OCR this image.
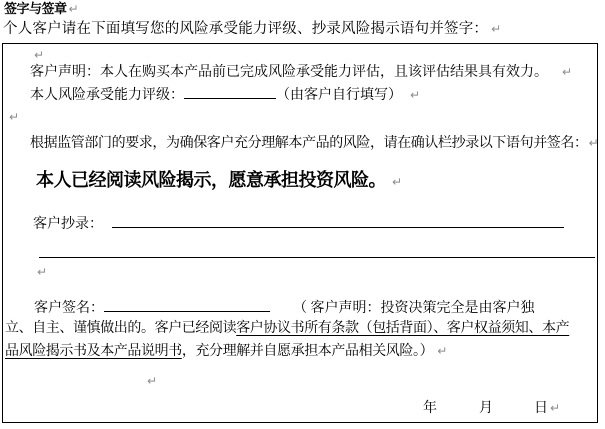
签字与签章 ↵
个人客户请在下面填写您的风险承受能力评级、抄录风险揭示语句并签字： ↵
↵
客户声明：本人在购买本产品前已完成风险承受能力评估，且该评估结果具有效力。 ↵
本人风险承受能力评级：	（由客户自行填写） ↵
↵
根据监管部门的要求，为确保客户充分理解本产品的风险，请在确认栏抄录以下语句并签名：↵
本人已经阅读风险揭示，愿意承担投资风险。 ↵
客户抄录：
↵
客户签名：	（ 客户声明：投资决策完全是由客户独
立、自主、谨慎做出的。客户已经阅读客户协议书所有条款（包括背面）、客户权益须知、本产
品风险揭示书及本产品说明书，充分理解并自愿承担本产品相关风险。） ↵
↵
年	月	日 ↵
